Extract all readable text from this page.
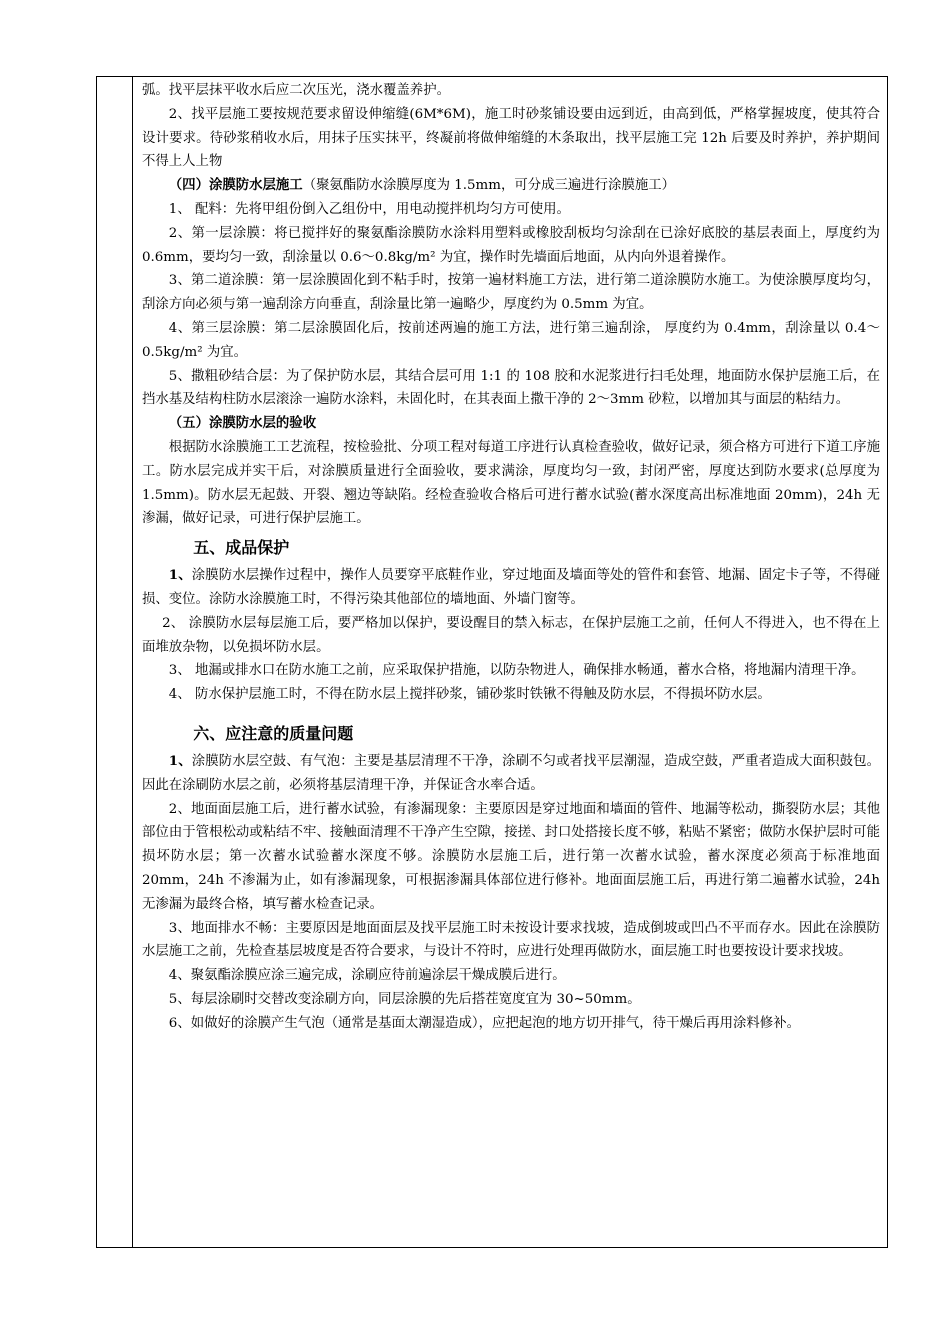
弧。找平层抹平收水后应二次压光，浇水覆盖养护。

2、找平层施工要按规范要求留设伸缩缝(6M*6M)，施工时砂浆铺设要由远到近，由高到低，严格掌握坡度，使其符合设计要求。待砂浆稍收水后，用抹子压实抹平，终凝前将做伸缩缝的木条取出，找平层施工完 12h 后要及时养护，养护期间不得上人上物

（四）涂膜防水层施工（聚氨酯防水涂膜厚度为 1.5mm，可分成三遍进行涂膜施工）

1、 配料：先将甲组份倒入乙组份中，用电动搅拌机均匀方可使用。

2、第一层涂膜：将已搅拌好的聚氨酯涂膜防水涂料用塑料或橡胶刮板均匀涂刮在已涂好底胶的基层表面上，厚度约为 0.6mm，要均匀一致，刮涂量以 0.6～0.8kg/m² 为宜，操作时先墙面后地面，从内向外退着操作。

3、第二道涂膜：第一层涂膜固化到不粘手时，按第一遍材料施工方法，进行第二道涂膜防水施工。为使涂膜厚度均匀，刮涂方向必须与第一遍刮涂方向垂直，刮涂量比第一遍略少，厚度约为 0.5mm 为宜。

4、第三层涂膜：第二层涂膜固化后，按前述两遍的施工方法，进行第三遍刮涂， 厚度约为 0.4mm，刮涂量以 0.4～0.5kg/m² 为宜。

5、撒粗砂结合层：为了保护防水层，其结合层可用 1:1 的 108 胶和水泥浆进行扫毛处理，地面防水保护层施工后，在挡水基及结构柱防水层滚涂一遍防水涂料，未固化时，在其表面上撒干净的 2～3mm 砂粒，以增加其与面层的粘结力。

（五）涂膜防水层的验收

根据防水涂膜施工工艺流程，按检验批、分项工程对每道工序进行认真检查验收，做好记录，须合格方可进行下道工序施工。防水层完成并实干后，对涂膜质量进行全面验收，要求满涂，厚度均匀一致，封闭严密，厚度达到防水要求(总厚度为 1.5mm)。防水层无起鼓、开裂、翘边等缺陷。经检查验收合格后可进行蓄水试验(蓄水深度高出标准地面 20mm)，24h 无渗漏，做好记录，可进行保护层施工。

五、成品保护

1、涂膜防水层操作过程中，操作人员要穿平底鞋作业，穿过地面及墙面等处的管件和套管、地漏、固定卡子等，不得碰损、变位。涂防水涂膜施工时，不得污染其他部位的墙地面、外墙门窗等。

2、 涂膜防水层每层施工后，要严格加以保护，要设醒目的禁入标志，在保护层施工之前，任何人不得进入，也不得在上面堆放杂物，以免损坏防水层。

3、 地漏或排水口在防水施工之前，应采取保护措施，以防杂物进人，确保排水畅通，蓄水合格，将地漏内清理干净。

4、 防水保护层施工时，不得在防水层上搅拌砂浆，铺砂浆时铁锹不得触及防水层，不得损坏防水层。

六、应注意的质量问题

1、涂膜防水层空鼓、有气泡：主要是基层清理不干净，涂刷不匀或者找平层潮湿，造成空鼓，严重者造成大面积鼓包。因此在涂刷防水层之前，必须将基层清理干净，并保证含水率合适。

2、地面面层施工后，进行蓄水试验，有渗漏现象：主要原因是穿过地面和墙面的管件、地漏等松动，撕裂防水层；其他部位由于管根松动或粘结不牢、接触面清理不干净产生空隙，接搓、封口处搭接长度不够，粘贴不紧密；做防水保护层时可能损坏防水层；第一次蓄水试验蓄水深度不够。涂膜防水层施工后，进行第一次蓄水试验，蓄水深度必须高于标准地面 20mm，24h 不渗漏为止，如有渗漏现象，可根据渗漏具体部位进行修补。地面面层施工后，再进行第二遍蓄水试验，24h 无渗漏为最终合格，填写蓄水检查记录。

3、地面排水不畅：主要原因是地面面层及找平层施工时未按设计要求找坡，造成倒坡或凹凸不平而存水。因此在涂膜防水层施工之前，先检查基层坡度是否符合要求，与设计不符时，应进行处理再做防水，面层施工时也要按设计要求找坡。

4、聚氨酯涂膜应涂三遍完成，涂刷应待前遍涂层干燥成膜后进行。

5、每层涂刷时交替改变涂刷方向，同层涂膜的先后搭茬宽度宜为 30~50mm。

6、如做好的涂膜产生气泡（通常是基面太潮湿造成），应把起泡的地方切开排气，待干燥后再用涂料修补。
